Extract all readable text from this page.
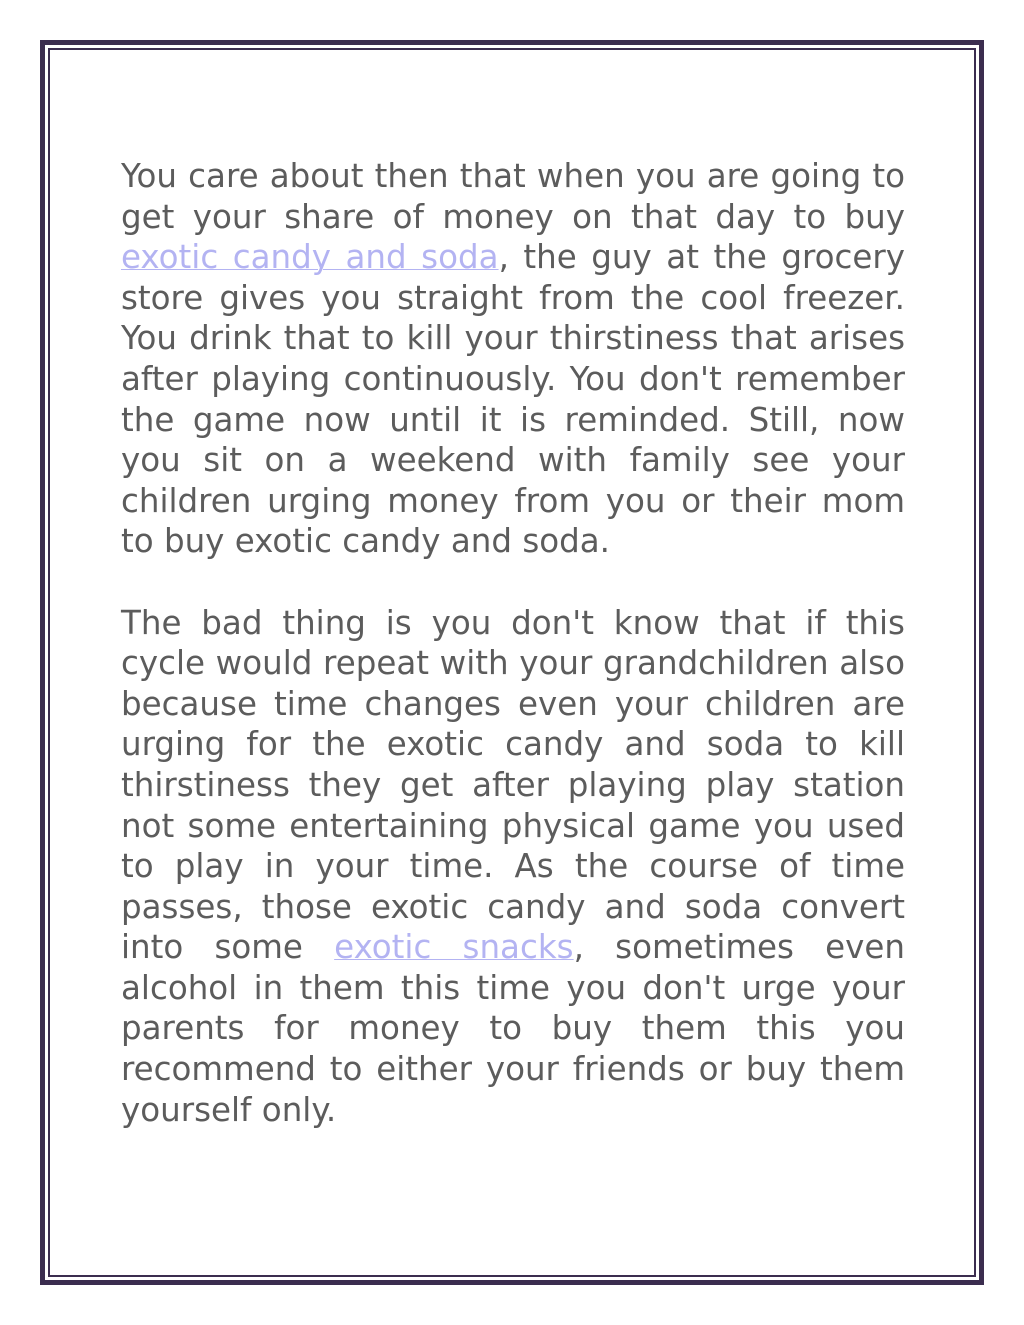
You care about then that when you are going to get your share of money on that day to buy exotic candy and soda, the guy at the grocery store gives you straight from the cool freezer. You drink that to kill your thirstiness that arises after playing continuously. You don't remember the game now until it is reminded. Still, now you sit on a weekend with family see your children urging money from you or their mom to buy exotic candy and soda.

The bad thing is you don't know that if this cycle would repeat with your grandchildren also because time changes even your children are urging for the exotic candy and soda to kill thirstiness they get after playing play station not some entertaining physical game you used to play in your time. As the course of time passes, those exotic candy and soda convert into some exotic snacks, sometimes even alcohol in them this time you don't urge your parents for money to buy them this you recommend to either your friends or buy them yourself only.
